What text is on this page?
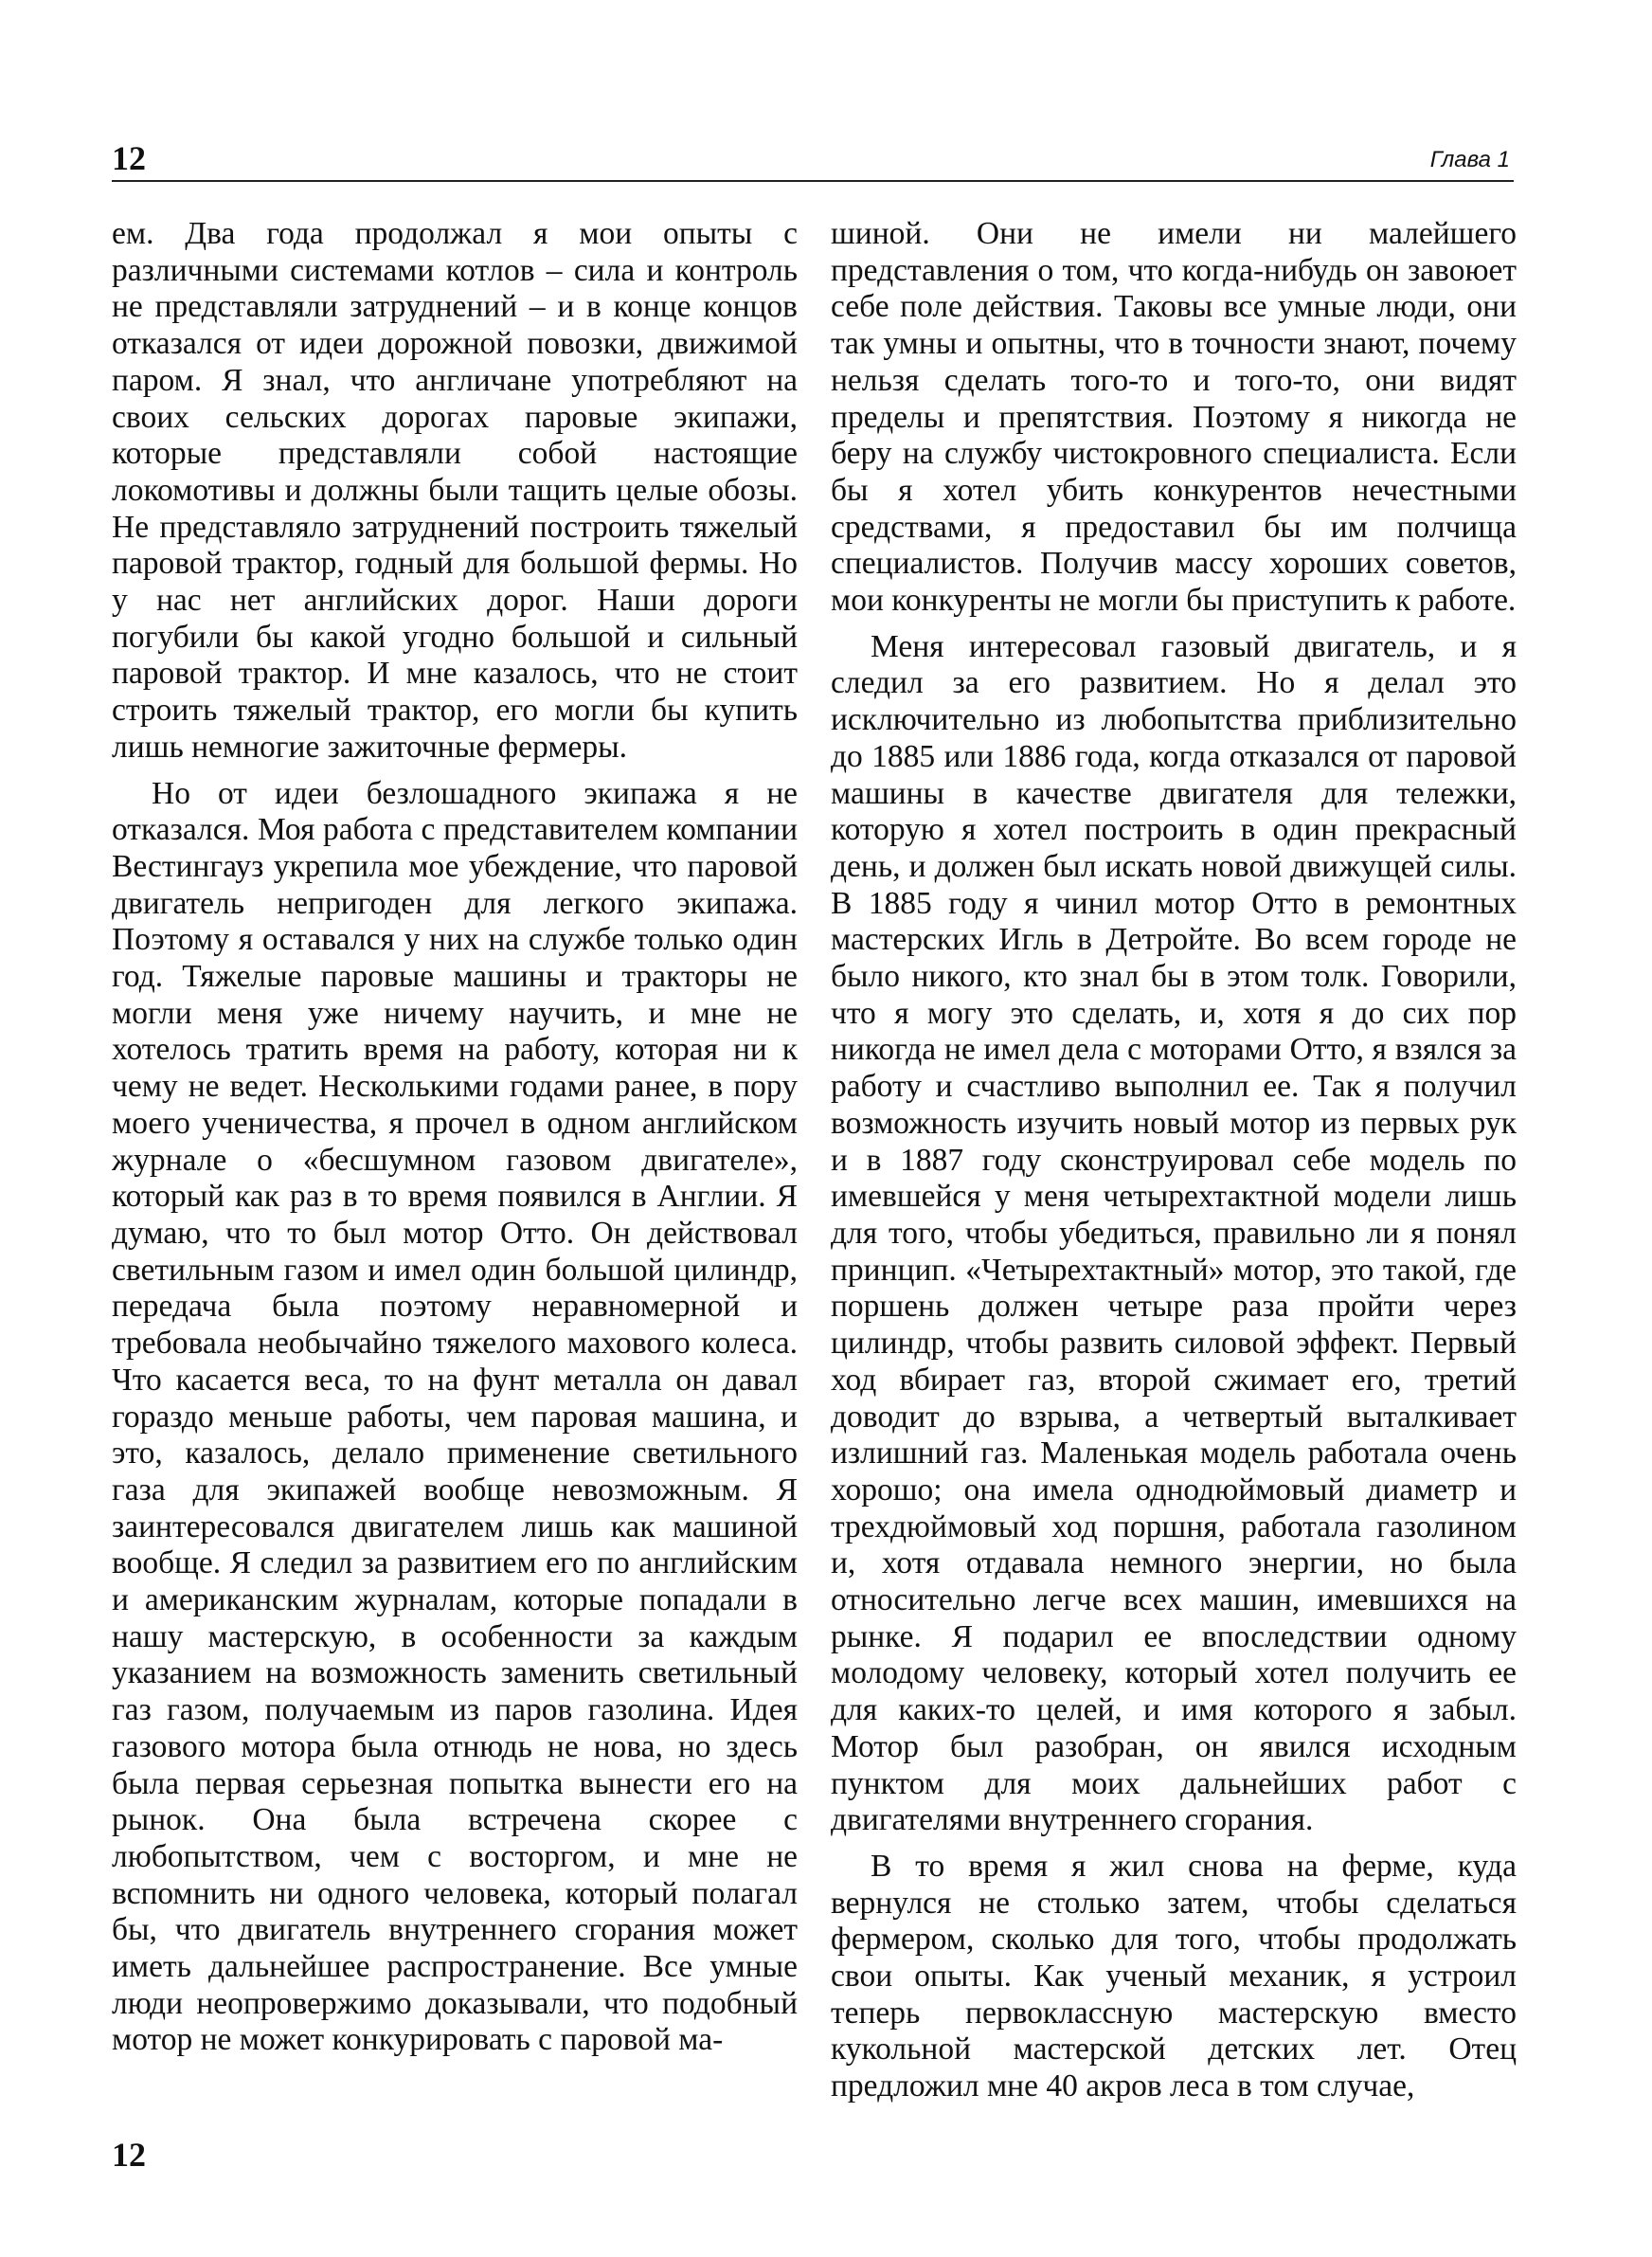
12	Глава 1

ем. Два года продолжал я мои опыты с различными системами котлов – сила и контроль не представляли затруднений – и в конце концов отказался от идеи дорожной повозки, движимой паром. Я знал, что англичане употребляют на своих сельских дорогах паровые экипажи, которые представляли собой настоящие локомотивы и должны были тащить целые обозы. Не представляло затруднений построить тяжелый паровой трактор, годный для большой фермы. Но у нас нет английских дорог. Наши дороги погубили бы какой угодно большой и сильный паровой трактор. И мне казалось, что не стоит строить тяжелый трактор, его могли бы купить лишь немногие зажиточные фермеры.

Но от идеи безлошадного экипажа я не отказался. Моя работа с представителем компании Вестингауз укрепила мое убеждение, что паровой двигатель непригоден для легкого экипажа. Поэтому я оставался у них на службе только один год. Тяжелые паровые машины и тракторы не могли меня уже ничему научить, и мне не хотелось тратить время на работу, которая ни к чему не ведет. Несколькими годами ранее, в пору моего ученичества, я прочел в одном английском журнале о «бесшумном газовом двигателе», который как раз в то время появился в Англии. Я думаю, что то был мотор Отто. Он действовал светильным газом и имел один большой цилиндр, передача была поэтому неравномерной и требовала необычайно тяжелого махового колеса. Что касается веса, то на фунт металла он давал гораздо меньше работы, чем паровая машина, и это, казалось, делало применение светильного газа для экипажей вообще невозможным. Я заинтересовался двигателем лишь как машиной вообще. Я следил за развитием его по английским и американским журналам, которые попадали в нашу мастерскую, в особенности за каждым указанием на возможность заменить светильный газ газом, получаемым из паров газолина. Идея газового мотора была отнюдь не нова, но здесь была первая серьезная попытка вынести его на рынок. Она была встречена скорее с любопытством, чем с восторгом, и мне не вспомнить ни одного человека, который полагал бы, что двигатель внутреннего сгорания может иметь дальнейшее распространение. Все умные люди неопровержимо доказывали, что подобный мотор не может конкурировать с паровой ма-

шиной. Они не имели ни малейшего представления о том, что когда-нибудь он завоюет себе поле действия. Таковы все умные люди, они так умны и опытны, что в точности знают, почему нельзя сделать того-то и того-то, они видят пределы и препятствия. Поэтому я никогда не беру на службу чистокровного специалиста. Если бы я хотел убить конкурентов нечестными средствами, я предоставил бы им полчища специалистов. Получив массу хороших советов, мои конкуренты не могли бы приступить к работе.

Меня интересовал газовый двигатель, и я следил за его развитием. Но я делал это исключительно из любопытства приблизительно до 1885 или 1886 года, когда отказался от паровой машины в качестве двигателя для тележки, которую я хотел построить в один прекрасный день, и должен был искать новой движущей силы. В 1885 году я чинил мотор Отто в ремонтных мастерских Игль в Детройте. Во всем городе не было никого, кто знал бы в этом толк. Говорили, что я могу это сделать, и, хотя я до сих пор никогда не имел дела с моторами Отто, я взялся за работу и счастливо выполнил ее. Так я получил возможность изучить новый мотор из первых рук и в 1887 году сконструировал себе модель по имевшейся у меня четырехтактной модели лишь для того, чтобы убедиться, правильно ли я понял принцип. «Четырехтактный» мотор, это такой, где поршень должен четыре раза пройти через цилиндр, чтобы развить силовой эффект. Первый ход вбирает газ, второй сжимает его, третий доводит до взрыва, а четвертый выталкивает излишний газ. Маленькая модель работала очень хорошо; она имела однодюймовый диаметр и трехдюймовый ход поршня, работала газолином и, хотя отдавала немного энергии, но была относительно легче всех машин, имевшихся на рынке. Я подарил ее впоследствии одному молодому человеку, который хотел получить ее для каких-то целей, и имя которого я забыл. Мотор был разобран, он явился исходным пунктом для моих дальнейших работ с двигателями внутреннего сгорания.

В то время я жил снова на ферме, куда вернулся не столько затем, чтобы сделаться фермером, сколько для того, чтобы продолжать свои опыты. Как ученый механик, я устроил теперь первоклассную мастерскую вместо кукольной мастерской детских лет. Отец предложил мне 40 акров леса в том случае,

12
